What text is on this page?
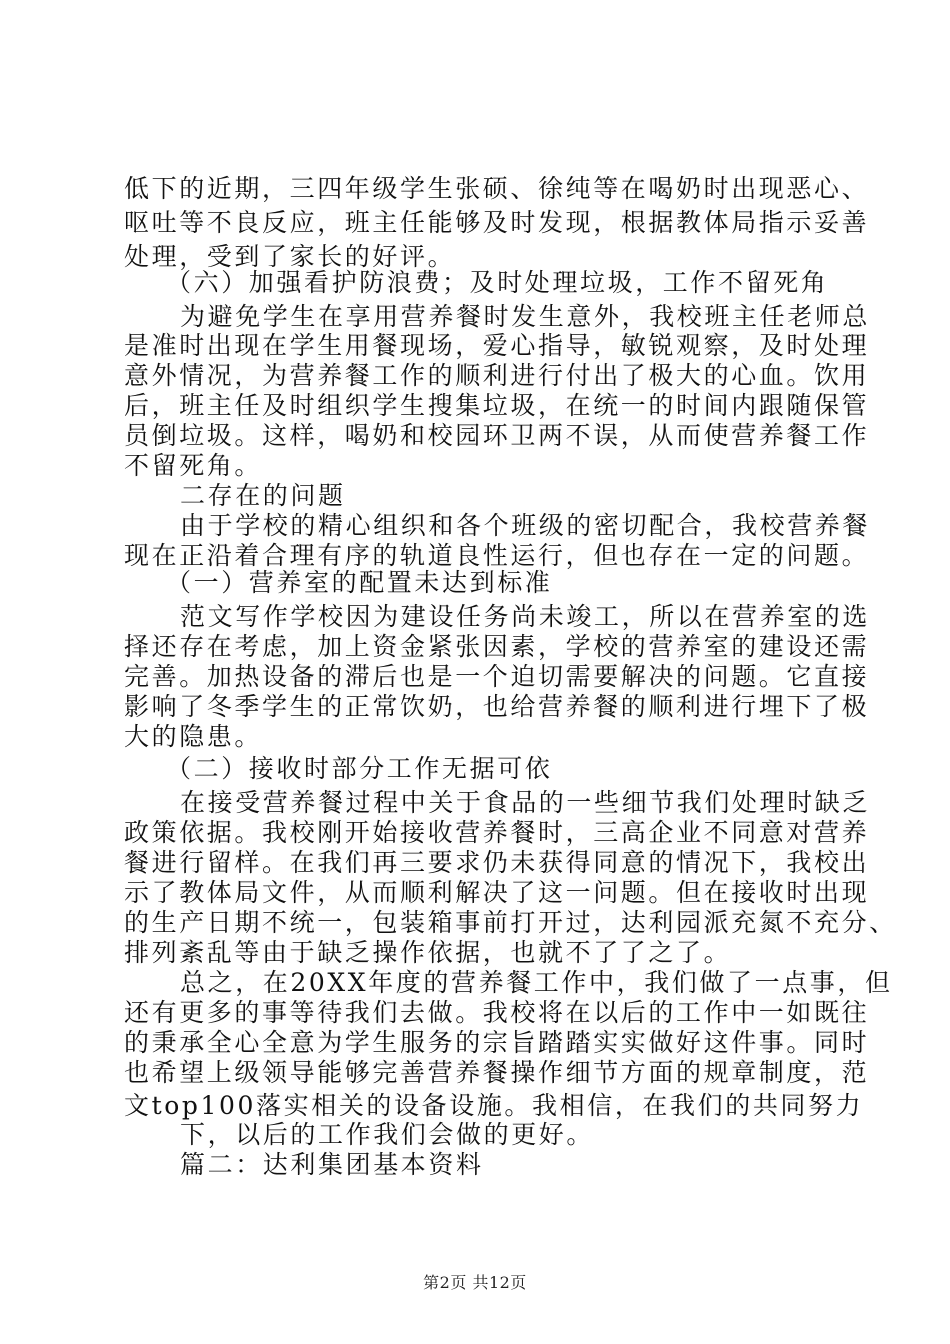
低下的近期，三四年级学生张硕、徐纯等在喝奶时出现恶心、
呕吐等不良反应，班主任能够及时发现，根据教体局指示妥善
处理，受到了家长的好评。
（六）加强看护防浪费；及时处理垃圾，工作不留死角
为避免学生在享用营养餐时发生意外，我校班主任老师总
是准时出现在学生用餐现场，爱心指导，敏锐观察，及时处理
意外情况，为营养餐工作的顺利进行付出了极大的心血。饮用
后，班主任及时组织学生搜集垃圾，在统一的时间内跟随保管
员倒垃圾。这样，喝奶和校园环卫两不误，从而使营养餐工作
不留死角。
二存在的问题
由于学校的精心组织和各个班级的密切配合，我校营养餐
现在正沿着合理有序的轨道良性运行，但也存在一定的问题。
（一）营养室的配置未达到标准
范文写作学校因为建设任务尚未竣工，所以在营养室的选
择还存在考虑，加上资金紧张因素，学校的营养室的建设还需
完善。加热设备的滞后也是一个迫切需要解决的问题。它直接
影响了冬季学生的正常饮奶，也给营养餐的顺利进行埋下了极
大的隐患。
（二）接收时部分工作无据可依
在接受营养餐过程中关于食品的一些细节我们处理时缺乏
政策依据。我校刚开始接收营养餐时，三高企业不同意对营养
餐进行留样。在我们再三要求仍未获得同意的情况下，我校出
示了教体局文件，从而顺利解决了这一问题。但在接收时出现
的生产日期不统一，包装箱事前打开过，达利园派充氮不充分、
排列紊乱等由于缺乏操作依据，也就不了了之了。
总之，在20XX年度的营养餐工作中，我们做了一点事，但
还有更多的事等待我们去做。我校将在以后的工作中一如既往
的秉承全心全意为学生服务的宗旨踏踏实实做好这件事。同时
也希望上级领导能够完善营养餐操作细节方面的规章制度，范
文top100落实相关的设备设施。我相信，在我们的共同努力
下，以后的工作我们会做的更好。
篇二：达利集团基本资料
第2页 共12页
